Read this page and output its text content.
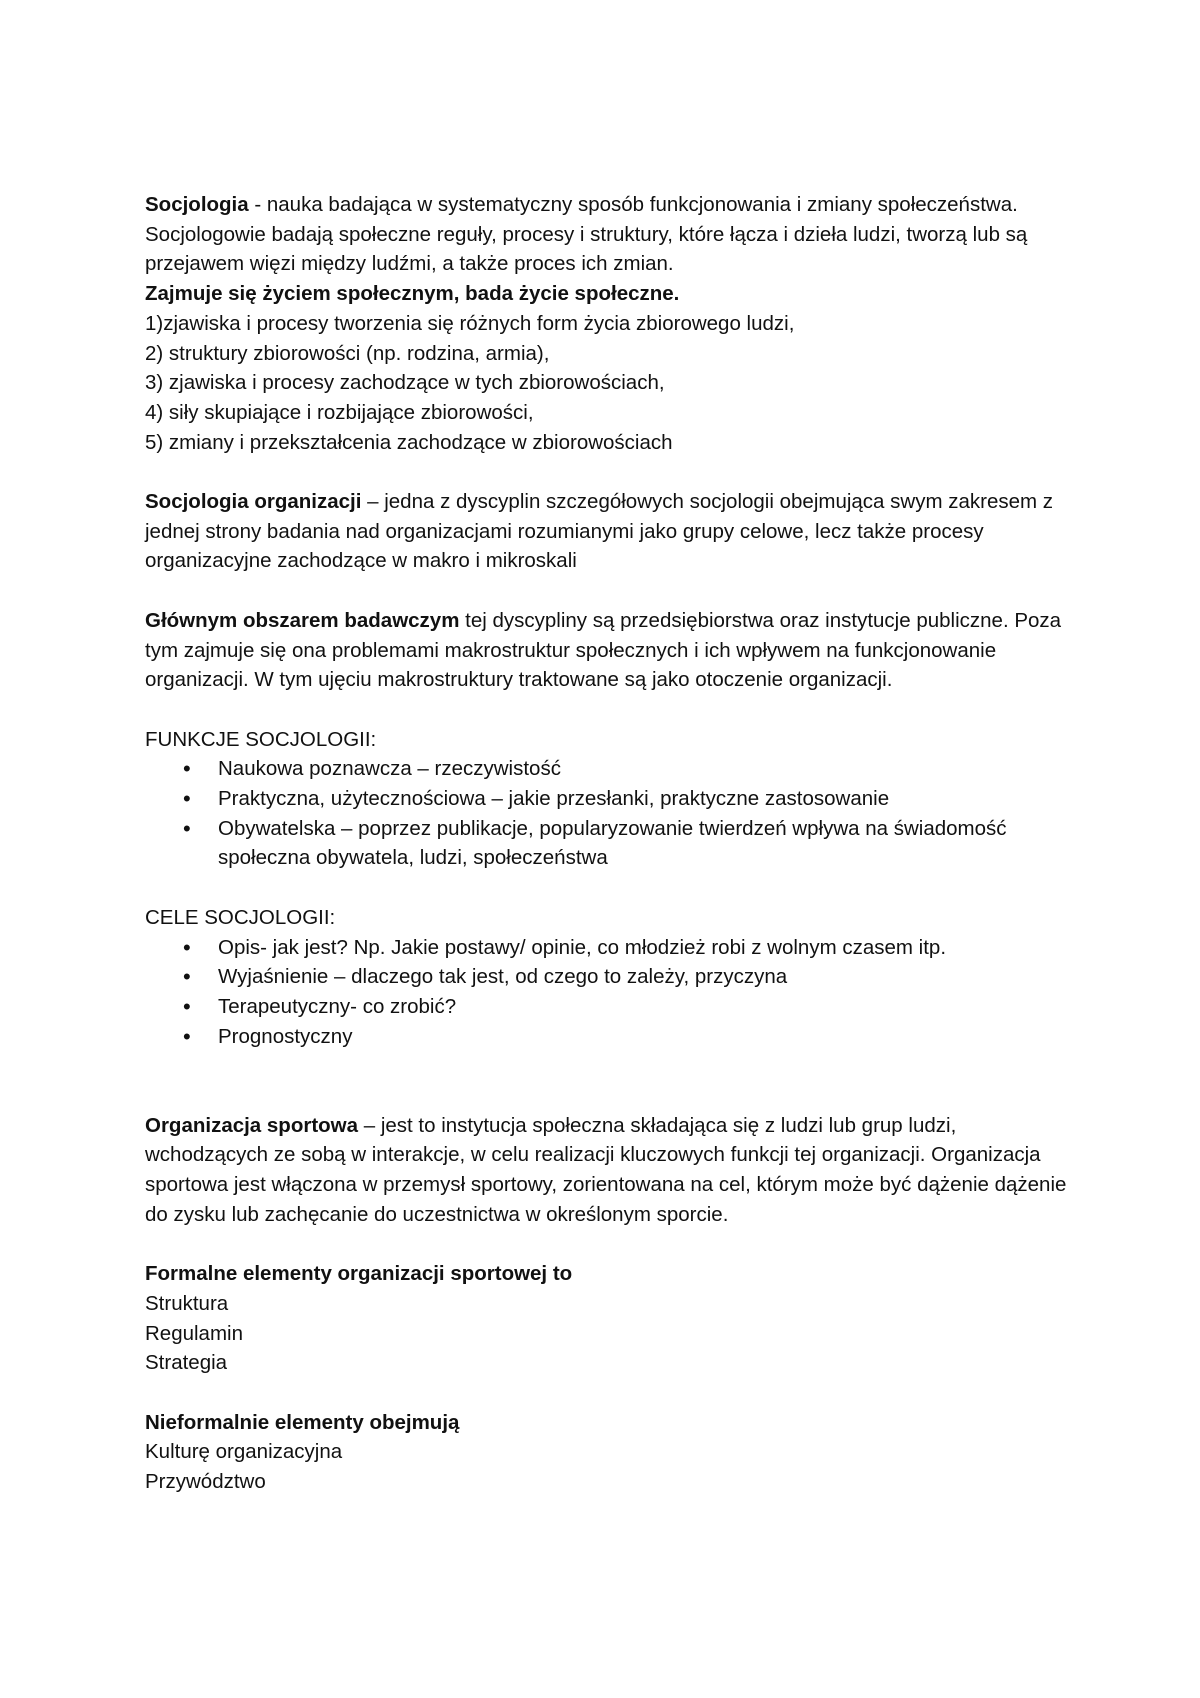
Socjologia - nauka badająca w systematyczny sposób funkcjonowania i zmiany społeczeństwa. Socjologowie badają społeczne reguły, procesy i struktury, które łącza i dzieła ludzi, tworzą lub są przejawem więzi między ludźmi, a także proces ich zmian.

Zajmuje się życiem społecznym, bada życie społeczne.

1)zjawiska i procesy tworzenia się różnych form życia zbiorowego ludzi,

2) struktury zbiorowości (np. rodzina, armia),

3) zjawiska i procesy zachodzące w tych zbiorowościach,

4) siły skupiające i rozbijające zbiorowości,

5) zmiany i przekształcenia zachodzące w zbiorowościach

Socjologia organizacji – jedna z dyscyplin szczegółowych socjologii obejmująca swym zakresem z jednej strony badania nad organizacjami rozumianymi jako grupy celowe, lecz także procesy organizacyjne zachodzące w makro i mikroskali

Głównym obszarem badawczym tej dyscypliny są przedsiębiorstwa oraz instytucje publiczne. Poza tym zajmuje się ona problemami makrostruktur społecznych i ich wpływem na funkcjonowanie organizacji. W tym ujęciu makrostruktury traktowane są jako otoczenie organizacji.

FUNKCJE SOCJOLOGII:

• Naukowa poznawcza – rzeczywistość
• Praktyczna, użytecznościowa – jakie przesłanki, praktyczne zastosowanie
• Obywatelska – poprzez publikacje, popularyzowanie twierdzeń wpływa na świadomość społeczna obywatela, ludzi, społeczeństwa

CELE SOCJOLOGII:

• Opis- jak jest? Np. Jakie postawy/ opinie, co młodzież robi z wolnym czasem itp.
• Wyjaśnienie – dlaczego tak jest, od czego to zależy, przyczyna
• Terapeutyczny- co zrobić?
• Prognostyczny

Organizacja sportowa – jest to instytucja społeczna składająca się z ludzi lub grup ludzi, wchodzących ze sobą w interakcje, w celu realizacji kluczowych funkcji tej organizacji. Organizacja sportowa jest włączona w przemysł sportowy, zorientowana na cel, którym może być dążenie dążenie do zysku lub zachęcanie do uczestnictwa w określonym sporcie.

Formalne elementy organizacji sportowej to

Struktura

Regulamin

Strategia

Nieformalnie elementy obejmują

Kulturę organizacyjna

Przywództwo
